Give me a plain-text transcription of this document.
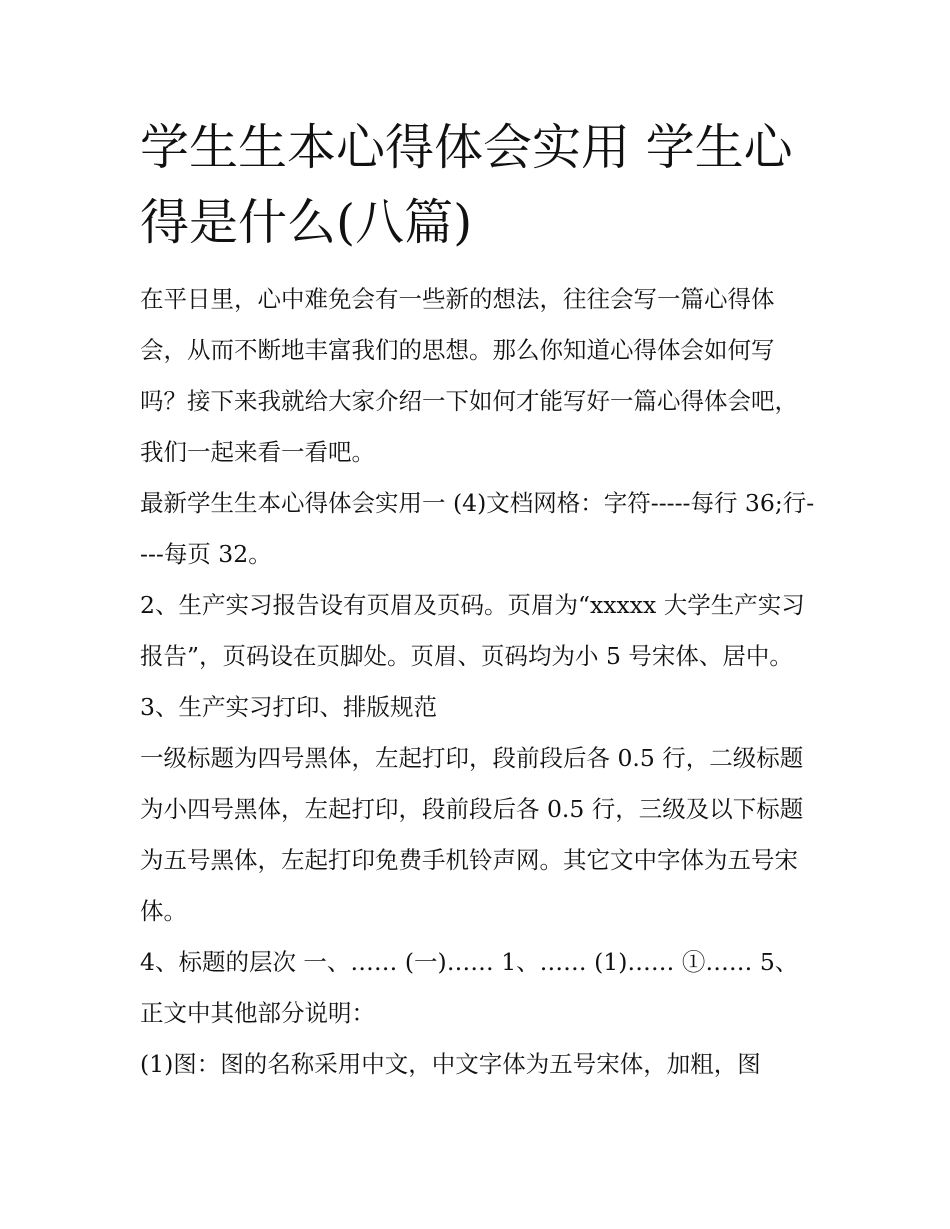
学生生本心得体会实用 学生心得是什么(八篇)

在平日里，心中难免会有一些新的想法，往往会写一篇心得体会，从而不断地丰富我们的思想。那么你知道心得体会如何写吗？接下来我就给大家介绍一下如何才能写好一篇心得体会吧，我们一起来看一看吧。

最新学生生本心得体会实用一 (4)文档网格：字符-----每行 36;行----每页 32。

2、生产实习报告设有页眉及页码。页眉为“xxxxx 大学生产实习报告”，页码设在页脚处。页眉、页码均为小 5 号宋体、居中。 3、生产实习打印、排版规范

一级标题为四号黑体，左起打印，段前段后各 0.5 行，二级标题为小四号黑体，左起打印，段前段后各 0.5 行，三级及以下标题为五号黑体，左起打印免费手机铃声网。其它文中字体为五号宋体。

4、标题的层次 一、…… (一)…… 1、…… (1)…… ①…… 5、正文中其他部分说明：

(1)图：图的名称采用中文，中文字体为五号宋体，加粗，图
